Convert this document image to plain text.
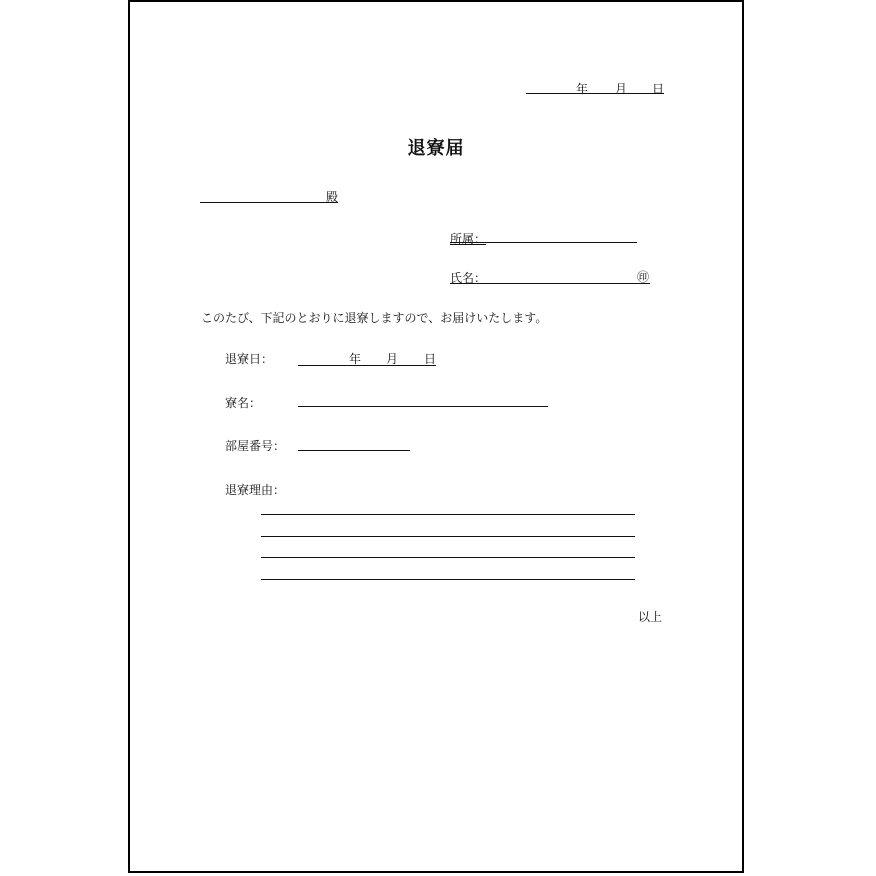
年 月 日
退寮届
殿
所属：
氏名：	㊞
このたび、下記のとおりに退寮しますので、お届けいたします。
退寮日：	年 月 日
寮名：
部屋番号：
退寮理由：
以上
